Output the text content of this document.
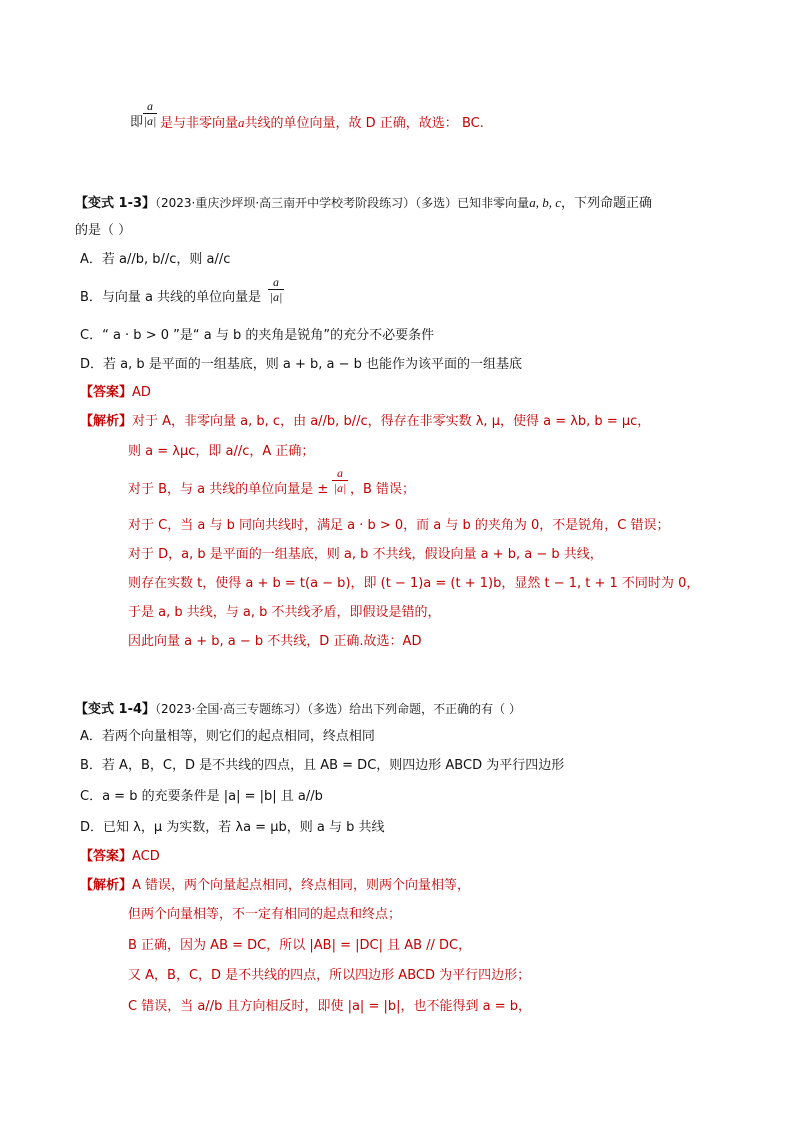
即
a
|a| 是与非零向量a共线的单位向量，故 D 正确，故选： BC.
【变式 1-3】（2023·重庆沙坪坝·高三南开中学校考阶段练习）（多选）已知非零向量a, b, c，下列命题正确
的是（ ）
A．若 a//b, b//c，则 a//c
B．与向量 a 共线的单位向量是
a
|a|
C．“ a · b > 0 ”是“ a 与 b 的夹角是锐角”的充分不必要条件
D．若 a, b 是平面的一组基底，则 a + b, a − b 也能作为该平面的一组基底
【答案】AD
【解析】对于 A，非零向量 a, b, c，由 a//b, b//c，得存在非零实数 λ, μ，使得 a = λb, b = μc，
则 a = λμc，即 a//c，A 正确；
对于 B，与 a 共线的单位向量是 ±
a
|a| ，B 错误；
对于 C，当 a 与 b 同向共线时，满足 a · b > 0，而 a 与 b 的夹角为 0，不是锐角，C 错误；
对于 D，a, b 是平面的一组基底，则 a, b 不共线，假设向量 a + b, a − b 共线，
则存在实数 t，使得 a + b = t(a − b)，即 (t − 1)a = (t + 1)b，显然 t − 1, t + 1 不同时为 0，
于是 a, b 共线，与 a, b 不共线矛盾，即假设是错的，
因此向量 a + b, a − b 不共线，D 正确.故选：AD
【变式 1-4】（2023·全国·高三专题练习）（多选）给出下列命题，不正确的有（ ）
A．若两个向量相等，则它们的起点相同，终点相同
B．若 A，B，C，D 是不共线的四点，且 AB = DC，则四边形 ABCD 为平行四边形
C．a = b 的充要条件是 |a| = |b| 且 a//b
D．已知 λ，μ 为实数，若 λa = μb，则 a 与 b 共线
【答案】ACD
【解析】A 错误，两个向量起点相同，终点相同，则两个向量相等，
但两个向量相等，不一定有相同的起点和终点；
B 正确，因为 AB = DC，所以 |AB| = |DC| 且 AB // DC，
又 A，B，C，D 是不共线的四点，所以四边形 ABCD 为平行四边形；
C 错误，当 a//b 且方向相反时，即使 |a| = |b|，也不能得到 a = b，
